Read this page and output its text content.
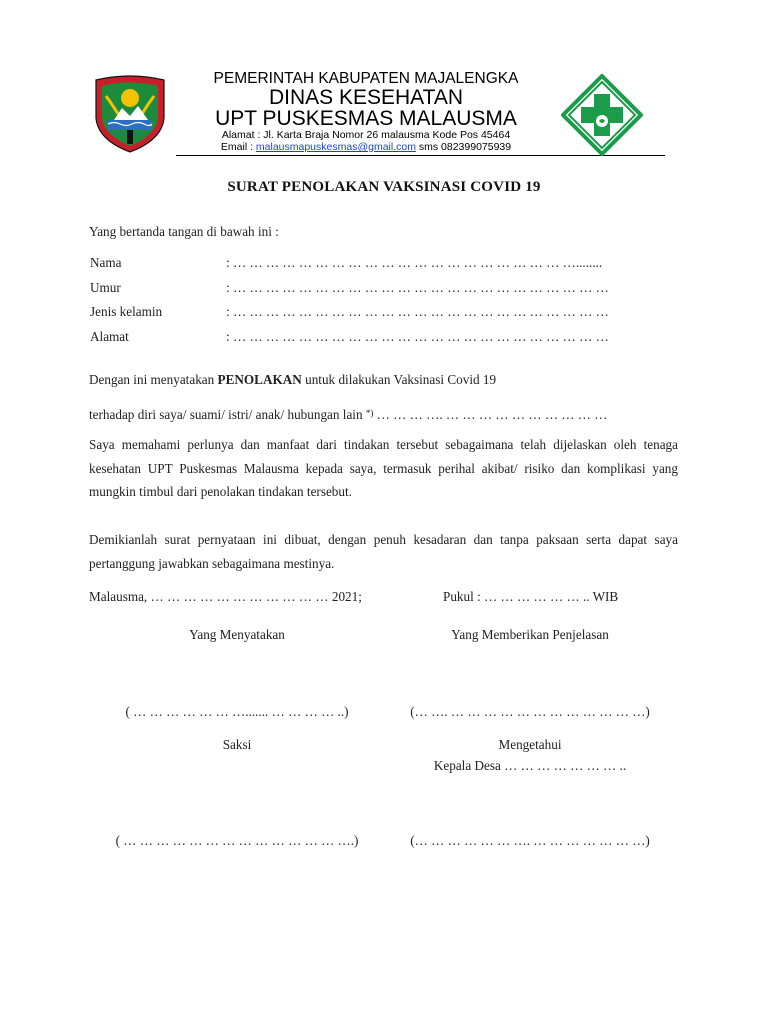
PEMERINTAH KABUPATEN MAJALENGKA
DINAS KESEHATAN
UPT PUSKESMAS MALAUSMA
Alamat : Jl. Karta Braja Nomor 26 malausma Kode Pos 45464
Email : malausmapuskesmas@gmail.com sms 082399075939
SURAT PENOLAKAN VAKSINASI COVID 19
Yang bertanda tangan di bawah ini :
Nama	: … … … … … … … … … … … … … … … … … … … … …........
Umur	: … … … … … … … … … … … … … … … … … … … … … … …
Jenis kelamin	: … … … … … … … … … … … … … … … … … … … … … … …
Alamat	: … … … … … … … … … … … … … … … … … … … … … … …
Dengan ini menyatakan PENOLAKAN untuk dilakukan Vaksinasi Covid 19
terhadap diri saya/ suami/ istri/ anak/ hubungan lain *) … … … …. … … … … … … … … … …
Saya memahami perlunya dan manfaat dari tindakan tersebut sebagaimana telah dijelaskan oleh tenaga kesehatan UPT Puskesmas Malausma kepada saya, termasuk perihal akibat/ risiko dan komplikasi yang mungkin timbul dari penolakan tindakan tersebut.
Demikianlah surat pernyataan ini dibuat, dengan penuh kesadaran dan tanpa paksaan serta dapat saya pertanggung jawabkan sebagaimana mestinya.
Malausma, … … … … … … … … … … … 2021;	Pukul : … … … … … … .. WIB
Yang Menyatakan	Yang Memberikan Penjelasan
( … … … … … … …....... … … … … ..)	(… …. … … … … … … … … … … … …)
Saksi	Mengetahui
Kepala Desa … … … … … … … ..
( … … … … … … … … … … … … … ….)	(… … … … … … …. … … … … … … …)
